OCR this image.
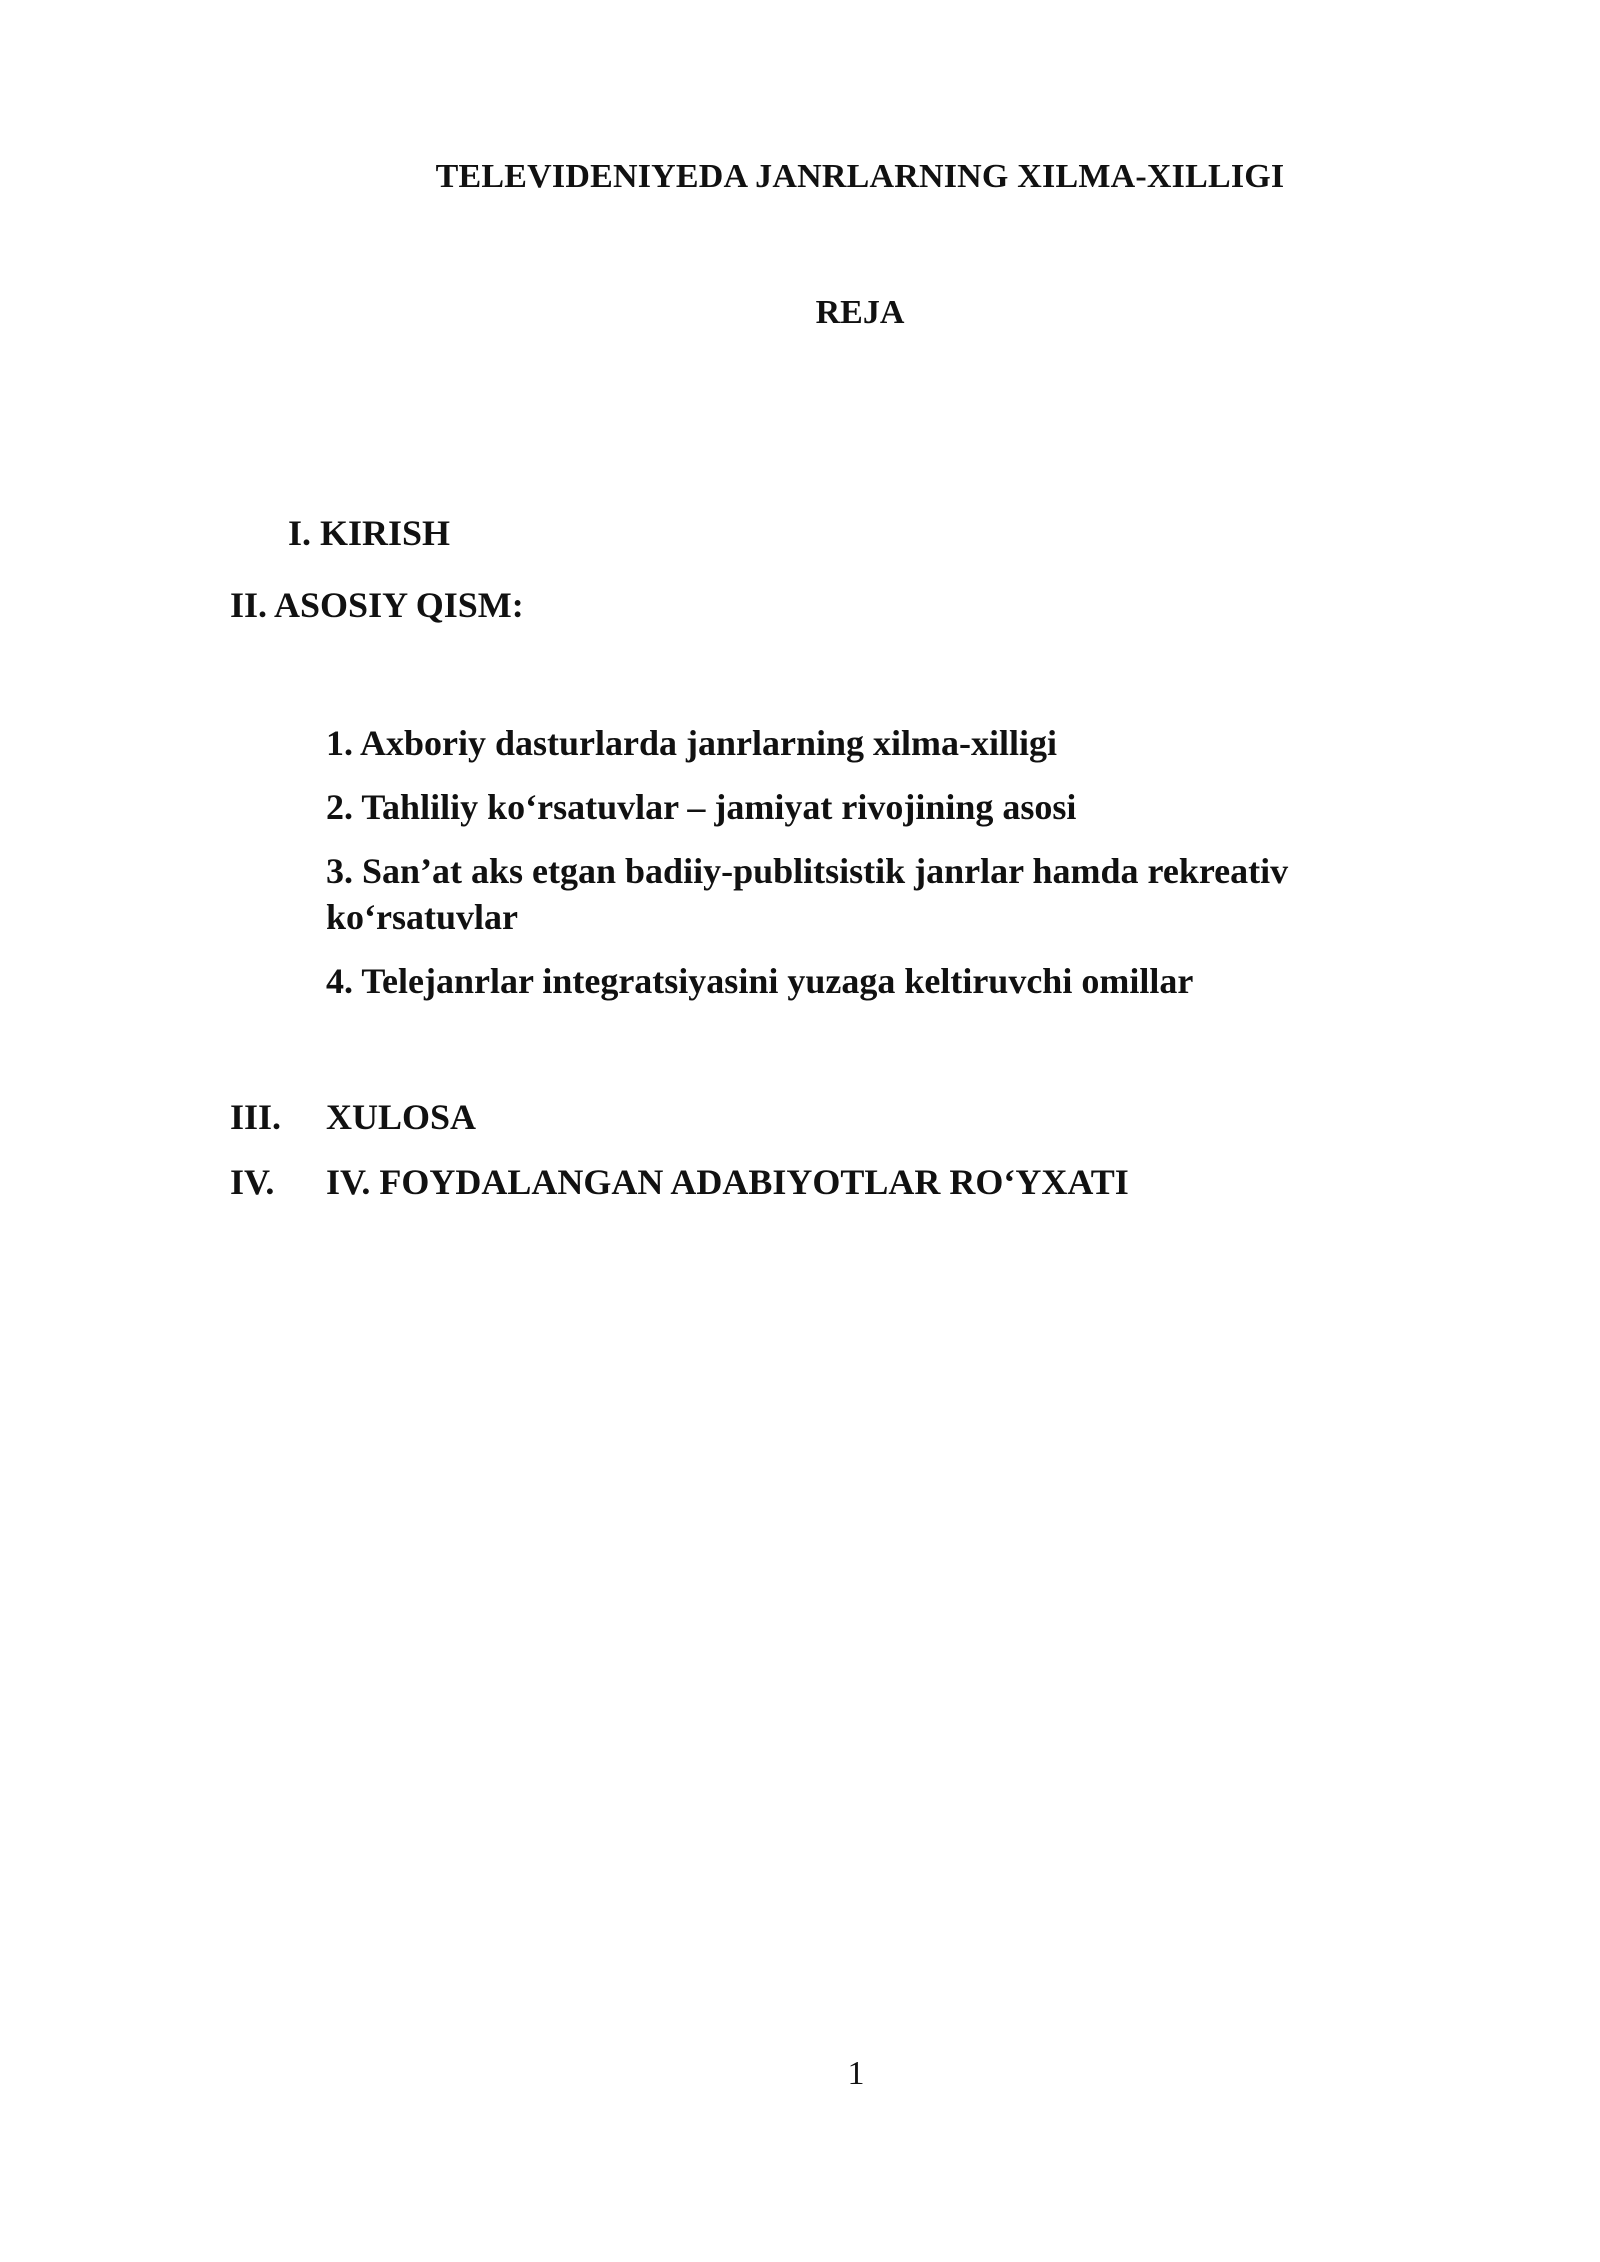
TELEVIDENIYEDA JANRLARNING XILMA-XILLIGI
REJA
I. KIRISH
II. ASOSIY QISM:
1. Axboriy dasturlarda janrlarning xilma-xilligi
2. Tahliliy ko‘rsatuvlar – jamiyat rivojining asosi
3. San’at aks etgan badiiy-publitsistik janrlar hamda rekreativ ko‘rsatuvlar
4. Telejanrlar integratsiyasini yuzaga keltiruvchi omillar
III. XULOSA
IV. IV. FOYDALANGAN ADABIYOTLAR RO‘YXATI
1
